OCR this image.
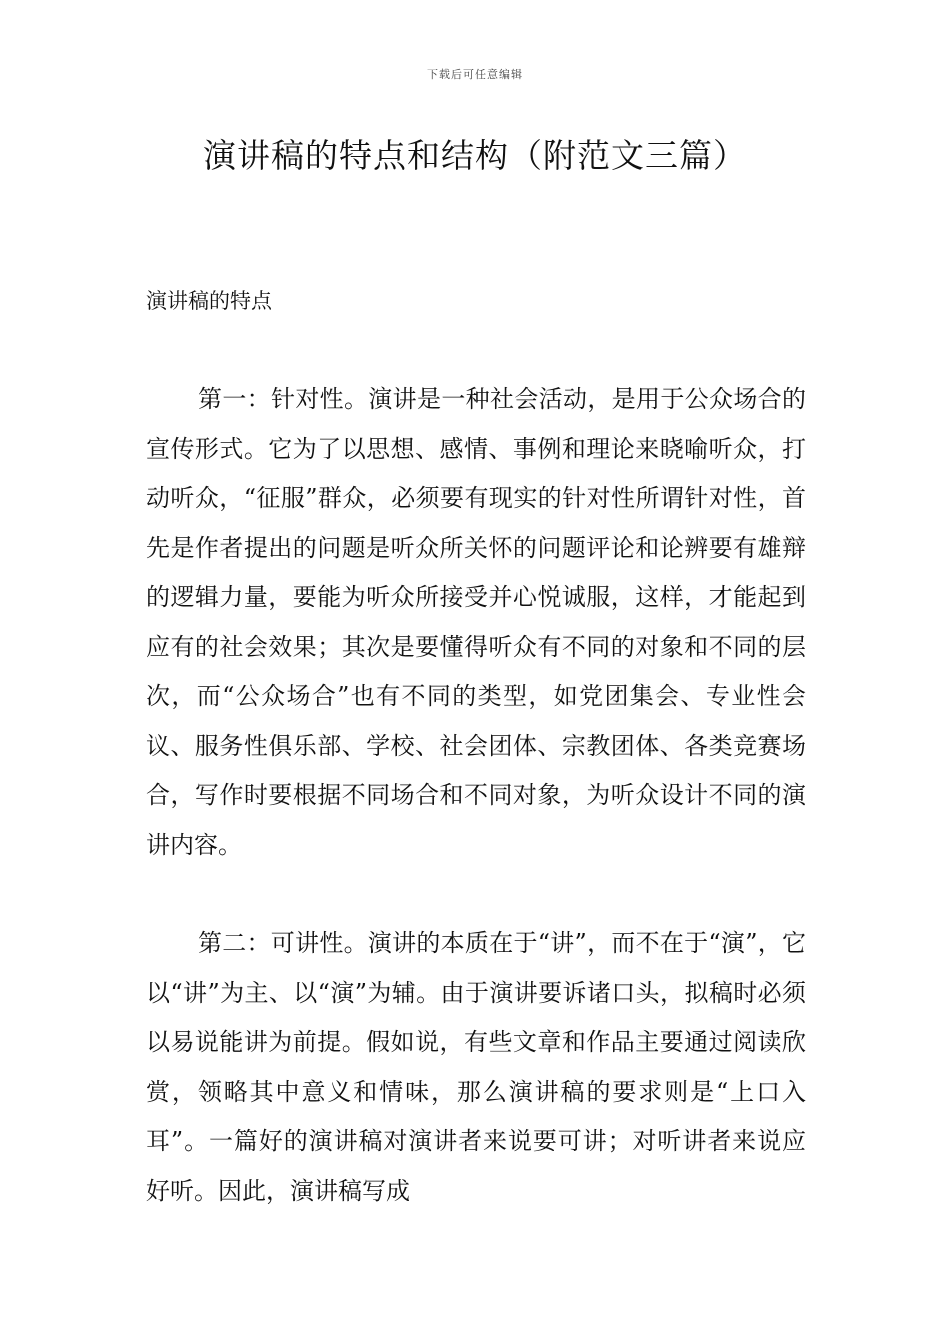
下载后可任意编辑
演讲稿的特点和结构（附范文三篇）
演讲稿的特点

第一：针对性。演讲是一种社会活动，是用于公众场合的宣传形式。它为了以思想、感情、事例和理论来晓喻听众，打动听众，“征服”群众，必须要有现实的针对性所谓针对性，首先是作者提出的问题是听众所关怀的问题评论和论辨要有雄辩的逻辑力量，要能为听众所接受并心悦诚服，这样，才能起到应有的社会效果；其次是要懂得听众有不同的对象和不同的层次，而“公众场合”也有不同的类型，如党团集会、专业性会议、服务性俱乐部、学校、社会团体、宗教团体、各类竞赛场合，写作时要根据不同场合和不同对象，为听众设计不同的演讲内容。

第二：可讲性。演讲的本质在于“讲”，而不在于“演”，它以“讲”为主、以“演”为辅。由于演讲要诉诸口头，拟稿时必须以易说能讲为前提。假如说，有些文章和作品主要通过阅读欣赏，领略其中意义和情味，那么演讲稿的要求则是“上口入耳”。一篇好的演讲稿对演讲者来说要可讲；对听讲者来说应好听。因此，演讲稿写成
